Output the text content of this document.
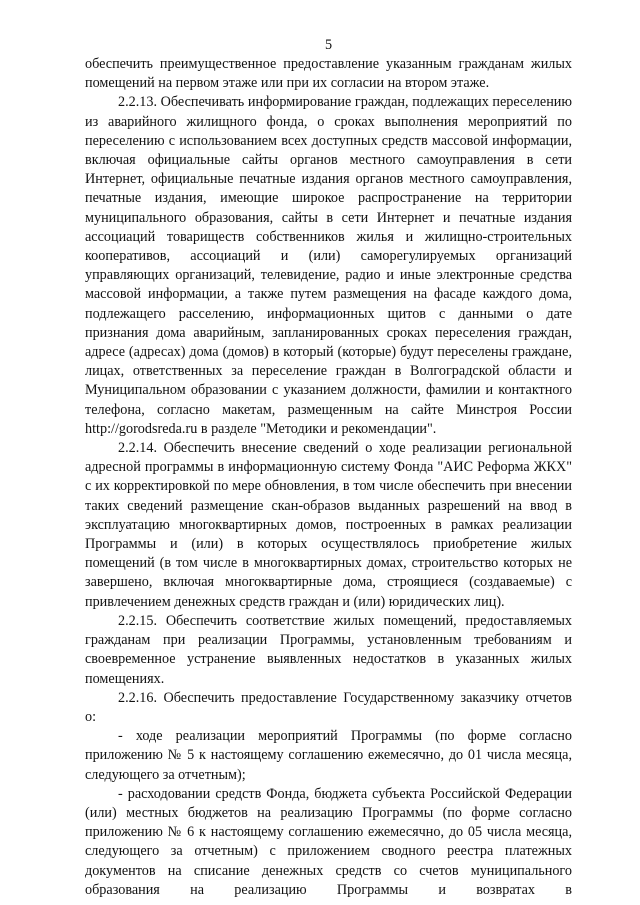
5

обеспечить преимущественное предоставление указанным гражданам жилых помещений на первом этаже или при их согласии на втором этаже.

2.2.13. Обеспечивать информирование граждан, подлежащих переселению из аварийного жилищного фонда, о сроках выполнения мероприятий по переселению с использованием всех доступных средств массовой информации, включая официальные сайты органов местного самоуправления в сети Интернет, официальные печатные издания органов местного самоуправления, печатные издания, имеющие широкое распространение на территории муниципального образования, сайты в сети Интернет и печатные издания ассоциаций товариществ собственников жилья и жилищно-строительных кооперативов, ассоциаций и (или) саморегулируемых организаций управляющих организаций, телевидение, радио и иные электронные средства массовой информации, а также путем размещения на фасаде каждого дома, подлежащего расселению, информационных щитов с данными о дате признания дома аварийным, запланированных сроках переселения граждан, адресе (адресах) дома (домов) в который (которые) будут переселены граждане, лицах, ответственных за переселение граждан в Волгоградской области и Муниципальном образовании с указанием должности, фамилии и контактного телефона, согласно макетам, размещенным на сайте Минстроя России http://gorodsreda.ru в разделе "Методики и рекомендации".

2.2.14. Обеспечить внесение сведений о ходе реализации региональной адресной программы в информационную систему Фонда "АИС Реформа ЖКХ" с их корректировкой по мере обновления, в том числе обеспечить при внесении таких сведений размещение скан-образов выданных разрешений на ввод в эксплуатацию многоквартирных домов, построенных в рамках реализации Программы и (или) в которых осуществлялось приобретение жилых помещений (в том числе в многоквартирных домах, строительство которых не завершено, включая многоквартирные дома, строящиеся (создаваемые) с привлечением денежных средств граждан и (или) юридических лиц).

2.2.15. Обеспечить соответствие жилых помещений, предоставляемых гражданам при реализации Программы, установленным требованиям и своевременное устранение выявленных недостатков в указанных жилых помещениях.

2.2.16. Обеспечить предоставление Государственному заказчику отчетов о:

- ходе реализации мероприятий Программы (по форме согласно приложению № 5 к настоящему соглашению ежемесячно, до 01 числа месяца, следующего за отчетным);

- расходовании средств Фонда, бюджета субъекта Российской Федерации (или) местных бюджетов на реализацию Программы (по форме согласно приложению № 6 к настоящему соглашению ежемесячно, до 05 числа месяца, следующего за отчетным) с приложением сводного реестра платежных документов на списание денежных средств со счетов муниципального образования на реализацию Программы и возвратах в
